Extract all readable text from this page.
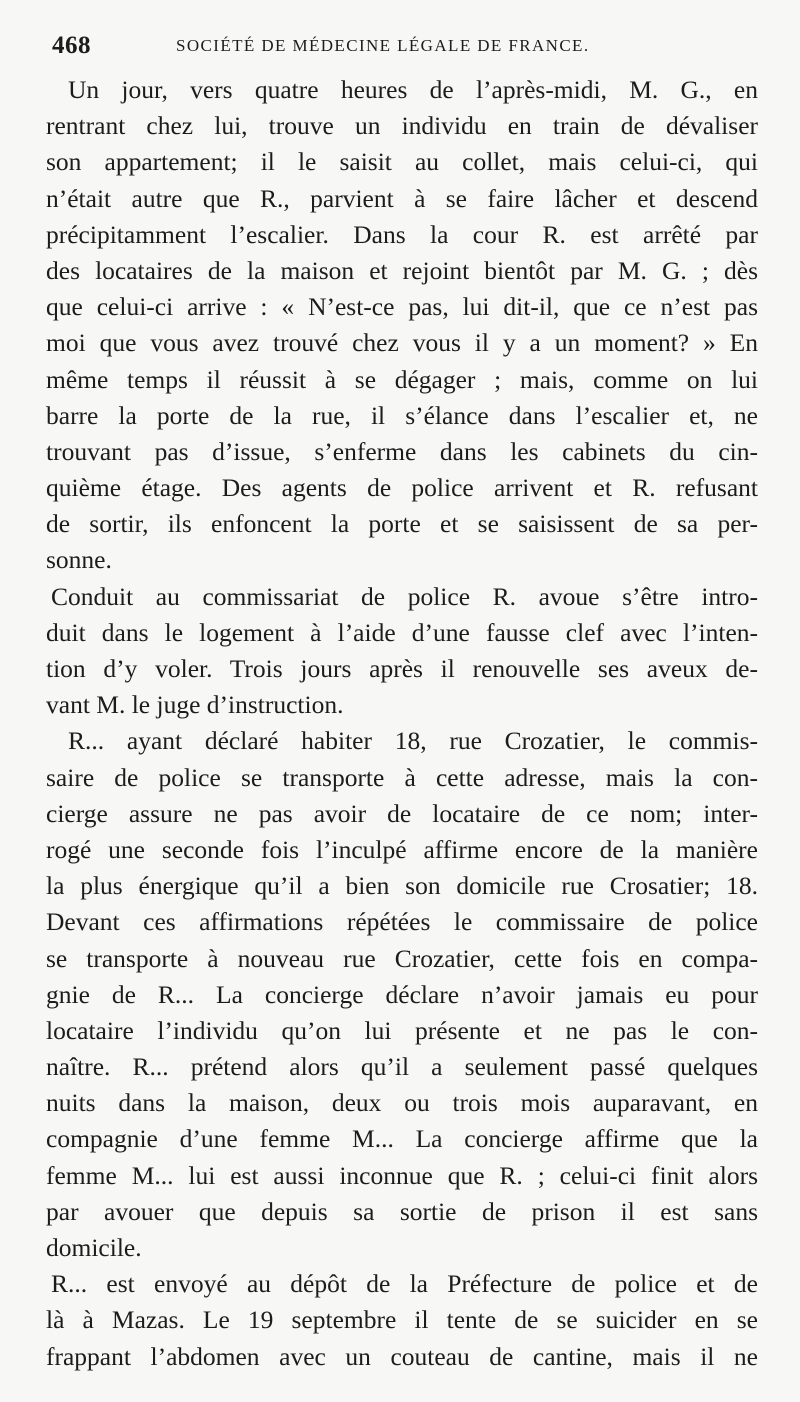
468	SOCIÉTÉ DE MÉDECINE LÉGALE DE FRANCE.
Un jour, vers quatre heures de l’après-midi, M. G., en
rentrant chez lui, trouve un individu en train de dévaliser
son appartement; il le saisit au collet, mais celui-ci, qui
n’était autre que R., parvient à se faire lâcher et descend
précipitamment l’escalier. Dans la cour R. est arrêté par
des locataires de la maison et rejoint bientôt par M. G. ; dès
que celui-ci arrive : « N’est-ce pas, lui dit-il, que ce n’est pas
moi que vous avez trouvé chez vous il y a un moment? » En
même temps il réussit à se dégager ; mais, comme on lui
barre la porte de la rue, il s’élance dans l’escalier et, ne
trouvant pas d’issue, s’enferme dans les cabinets du cin-
quième étage. Des agents de police arrivent et R. refusant
de sortir, ils enfoncent la porte et se saisissent de sa per-
sonne.
Conduit au commissariat de police R. avoue s’être intro-
duit dans le logement à l’aide d’une fausse clef avec l’inten-
tion d’y voler. Trois jours après il renouvelle ses aveux de-
vant M. le juge d’instruction.
R... ayant déclaré habiter 18, rue Crozatier, le commis-
saire de police se transporte à cette adresse, mais la con-
cierge assure ne pas avoir de locataire de ce nom; inter-
rogé une seconde fois l’inculpé affirme encore de la manière
la plus énergique qu’il a bien son domicile rue Crosatier; 18.
Devant ces affirmations répétées le commissaire de police
se transporte à nouveau rue Crozatier, cette fois en compa-
gnie de R... La concierge déclare n’avoir jamais eu pour
locataire l’individu qu’on lui présente et ne pas le con-
naître. R... prétend alors qu’il a seulement passé quelques
nuits dans la maison, deux ou trois mois auparavant, en
compagnie d’une femme M... La concierge affirme que la
femme M... lui est aussi inconnue que R. ; celui-ci finit alors
par avouer que depuis sa sortie de prison il est sans
domicile.
R... est envoyé au dépôt de la Préfecture de police et de
là à Mazas. Le 19 septembre il tente de se suicider en se
frappant l’abdomen avec un couteau de cantine, mais il ne
